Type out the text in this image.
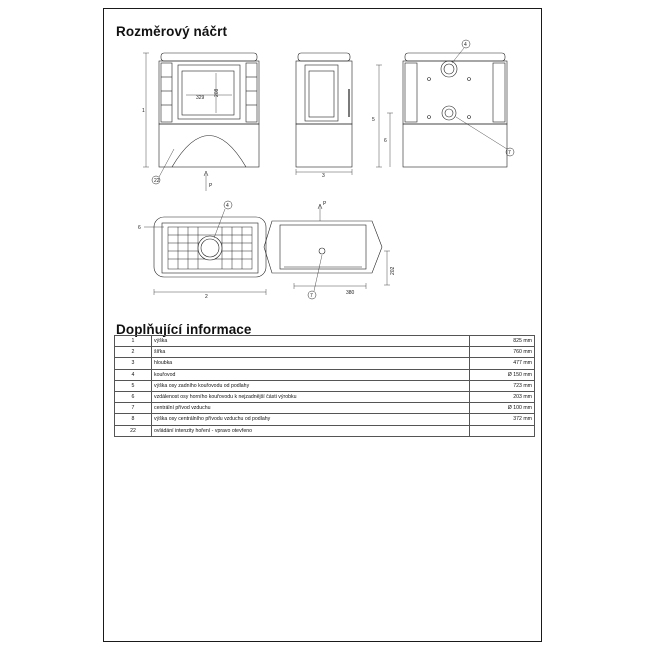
Rozměrový náčrt
1
329
208
22
P
3
4
5
6
7
4
6
2
P
7	380
202
Doplňující informace
1	výška	825 mm
2	šířka	760 mm
3	hloubka	477 mm
4	kouřovod	Ø 150 mm
5	výška osy zadního kouřovodu od podlahy	723 mm
6	vzdálenost osy horního kouřovodu k nejzadnější části výrobku	203 mm
7	centrální přívod vzduchu	Ø 100 mm
8	výška osy centrálního přívodu vzduchu od podlahy	372 mm
22	ovládání intenzity hoření - vpravo otevřeno	
